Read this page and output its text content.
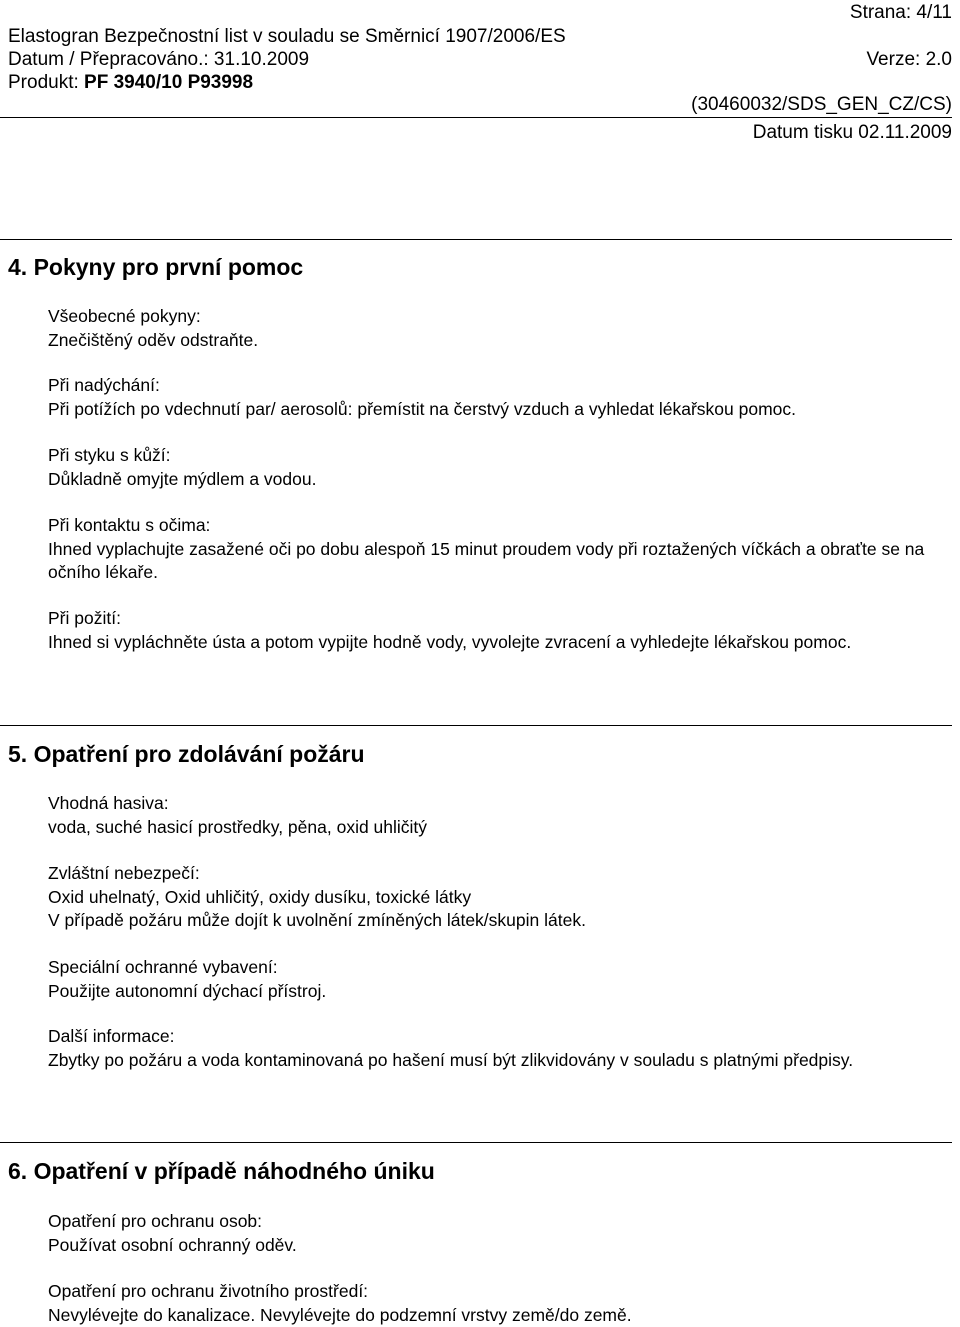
Strana: 4/11
Elastogran Bezpečnostní list v souladu se Směrnicí 1907/2006/ES
Datum / Přepracováno.: 31.10.2009	Verze: 2.0
Produkt: PF 3940/10 P93998
(30460032/SDS_GEN_CZ/CS)
Datum tisku 02.11.2009
4. Pokyny pro první pomoc
Všeobecné pokyny:
Znečištěný oděv odstraňte.
Při nadýchání:
Při potížích po vdechnutí par/ aerosolů: přemístit na čerstvý vzduch a vyhledat lékařskou pomoc.
Při styku s kůží:
Důkladně omyjte mýdlem a vodou.
Při kontaktu s očima:
Ihned vyplachujte zasažené oči po dobu alespoň 15 minut proudem vody při roztažených víčkách a obraťte se na očního lékaře.
Při požití:
Ihned si vypláchněte ústa a potom vypijte hodně vody, vyvolejte zvracení a vyhledejte lékařskou pomoc.
5. Opatření pro zdolávání požáru
Vhodná hasiva:
voda, suché hasicí prostředky, pěna, oxid uhličitý
Zvláštní nebezpečí:
Oxid uhelnatý, Oxid uhličitý, oxidy dusíku, toxické látky
V případě požáru může dojít k uvolnění zmíněných látek/skupin látek.
Speciální ochranné vybavení:
Použijte autonomní dýchací přístroj.
Další informace:
Zbytky po požáru a voda kontaminovaná po hašení musí být zlikvidovány v souladu s platnými předpisy.
6. Opatření v případě náhodného úniku
Opatření pro ochranu osob:
Používat osobní ochranný oděv.
Opatření pro ochranu životního prostředí:
Nevylévejte do kanalizace. Nevylévejte do podzemní vrstvy země/do země.
